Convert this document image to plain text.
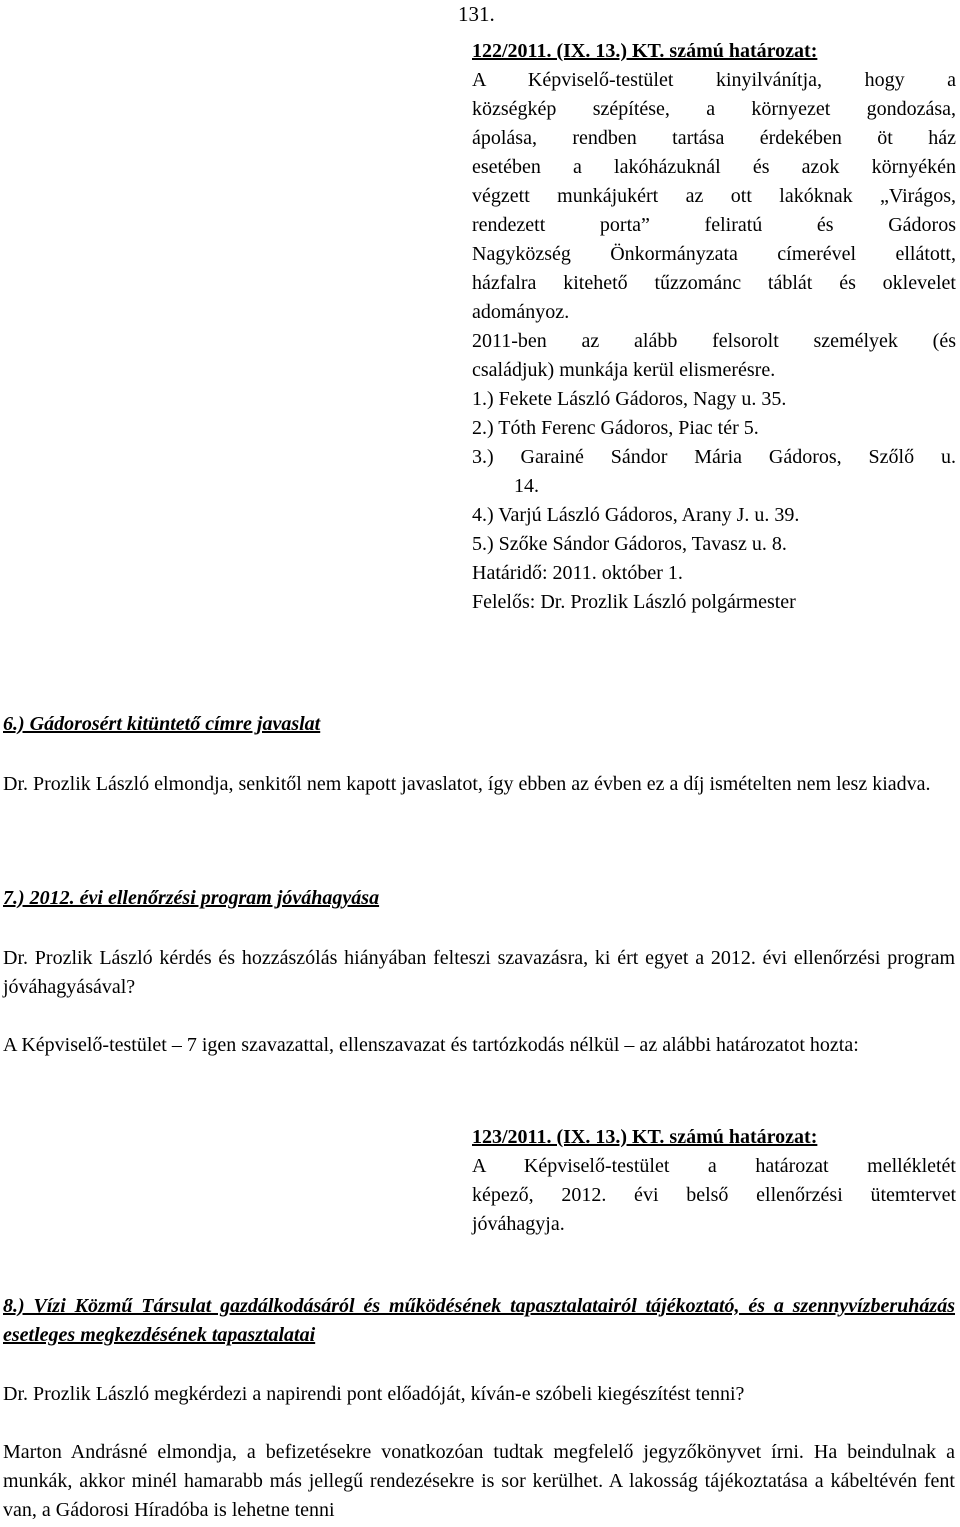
131.
122/2011. (IX. 13.) KT. számú határozat:
A Képviselő-testület kinyilvánítja, hogy a
községkép szépítése, a környezet gondozása,
ápolása, rendben tartása érdekében öt ház
esetében a lakóházuknál és azok környékén
végzett munkájukért az ott lakóknak „Virágos,
rendezett porta” feliratú és Gádoros
Nagyközség Önkormányzata címerével ellátott,
házfalra kitehető tűzzománc táblát és oklevelet
adományoz.
2011-ben az alább felsorolt személyek (és
családjuk) munkája kerül elismerésre.
1.) Fekete László Gádoros, Nagy u. 35.
2.) Tóth Ferenc Gádoros, Piac tér 5.
3.) Garainé Sándor Mária Gádoros, Szőlő u.
14.
4.) Varjú László Gádoros, Arany J. u. 39.
5.) Szőke Sándor Gádoros, Tavasz u. 8.
Határidő: 2011. október 1.
Felelős: Dr. Prozlik László polgármester
6.) Gádorosért kitüntető címre javaslat
Dr. Prozlik László elmondja, senkitől nem kapott javaslatot, így ebben az évben ez a díj ismételten nem lesz kiadva.
7.) 2012. évi ellenőrzési program jóváhagyása
Dr. Prozlik László kérdés és hozzászólás hiányában felteszi szavazásra, ki ért egyet a 2012. évi ellenőrzési program jóváhagyásával?
A Képviselő-testület – 7 igen szavazattal, ellenszavazat és tartózkodás nélkül – az alábbi határozatot hozta:
123/2011. (IX. 13.) KT. számú határozat:
A Képviselő-testület a határozat mellékletét
képező, 2012. évi belső ellenőrzési ütemtervet
jóváhagyja.
8.) Vízi Közmű Társulat gazdálkodásáról és működésének tapasztalatairól tájékoztató, és a szennyvízberuházás esetleges megkezdésének tapasztalatai
Dr. Prozlik László megkérdezi a napirendi pont előadóját, kíván-e szóbeli kiegészítést tenni?
Marton Andrásné elmondja, a befizetésekre vonatkozóan tudtak megfelelő jegyzőkönyvet írni. Ha beindulnak a munkák, akkor minél hamarabb más jellegű rendezésekre is sor kerülhet. A lakosság tájékoztatása a kábeltévén fent van, a Gádorosi Híradóba is lehetne tenni
